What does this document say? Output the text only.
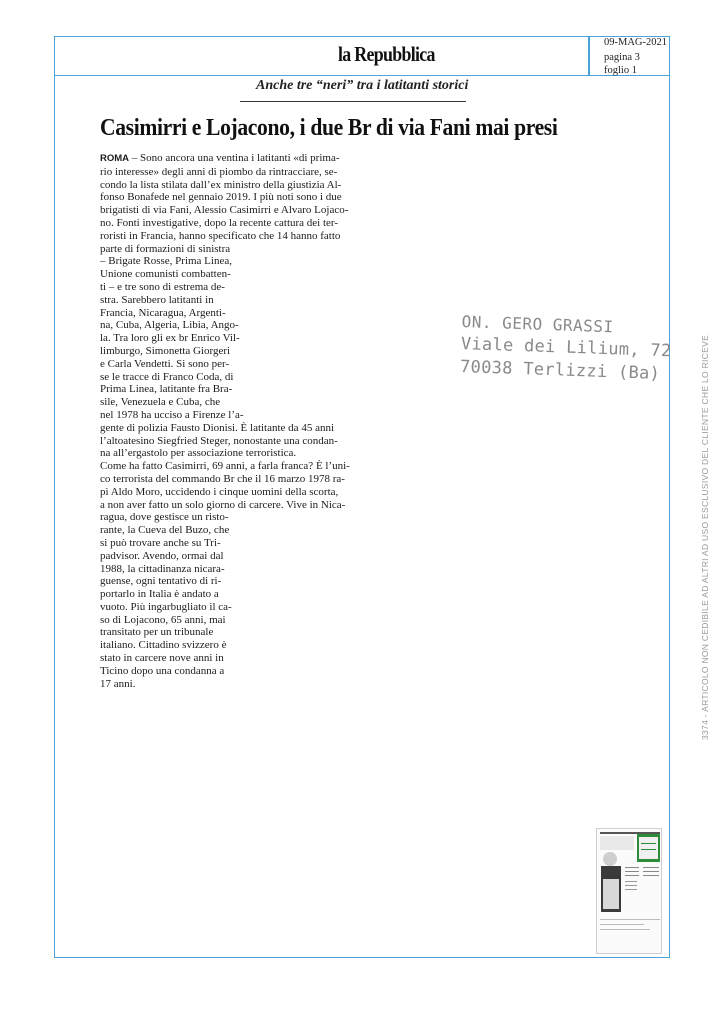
la Repubblica	09-MAG-2021
pagina 3
foglio 1
Anche tre “neri” tra i latitanti storici
Casimirri e Lojacono, i due Br di via Fani mai presi
ROMA – Sono ancora una ventina i latitanti «di prima-
rio interesse» degli anni di piombo da rintracciare, se-
condo la lista stilata dall’ex ministro della giustizia Al-
fonso Bonafede nel gennaio 2019. I più noti sono i due
brigatisti di via Fani, Alessio Casimirri e Alvaro Lojaco-
no. Fonti investigative, dopo la recente cattura dei ter-
roristi in Francia, hanno specificato che 14 hanno fatto
parte di formazioni di sinistra
– Brigate Rosse, Prima Linea,
Unione comunisti combatten-
ti – e tre sono di estrema de-
stra. Sarebbero latitanti in
Francia, Nicaragua, Argenti-
na, Cuba, Algeria, Libia, Ango-
la. Tra loro gli ex br Enrico Vil-
limburgo, Simonetta Giorgeri
e Carla Vendetti. Si sono per-
se le tracce di Franco Coda, di
Prima Linea, latitante fra Bra-
sile, Venezuela e Cuba, che
nel 1978 ha ucciso a Firenze l’a-
gente di polizia Fausto Dionisi. È latitante da 45 anni
l’altoatesino Siegfried Steger, nonostante una condan-
na all’ergastolo per associazione terroristica.
Come ha fatto Casimirri, 69 anni, a farla franca? È l’uni-
co terrorista del commando Br che il 16 marzo 1978 ra-
pì Aldo Moro, uccidendo i cinque uomini della scorta,
a non aver fatto un solo giorno di carcere. Vive in Nica-
ragua, dove gestisce un risto-
rante, la Cueva del Buzo, che
si può trovare anche su Tri-
padvisor. Avendo, ormai dal
1988, la cittadinanza nicara-
guense, ogni tentativo di ri-
portarlo in Italia è andato a
vuoto. Più ingarbugliato il ca-
so di Lojacono, 65 anni, mai
transitato per un tribunale
italiano. Cittadino svizzero è
stato in carcere nove anni in
Ticino dopo una condanna a
17 anni.
ON. GERO GRASSI
Viale dei Lilium, 72
70038 Terlizzi (Ba)	3374 - ARTICOLO NON CEDIBILE AD ALTRI AD USO ESCLUSIVO DEL CLIENTE CHE LO RICEVE
